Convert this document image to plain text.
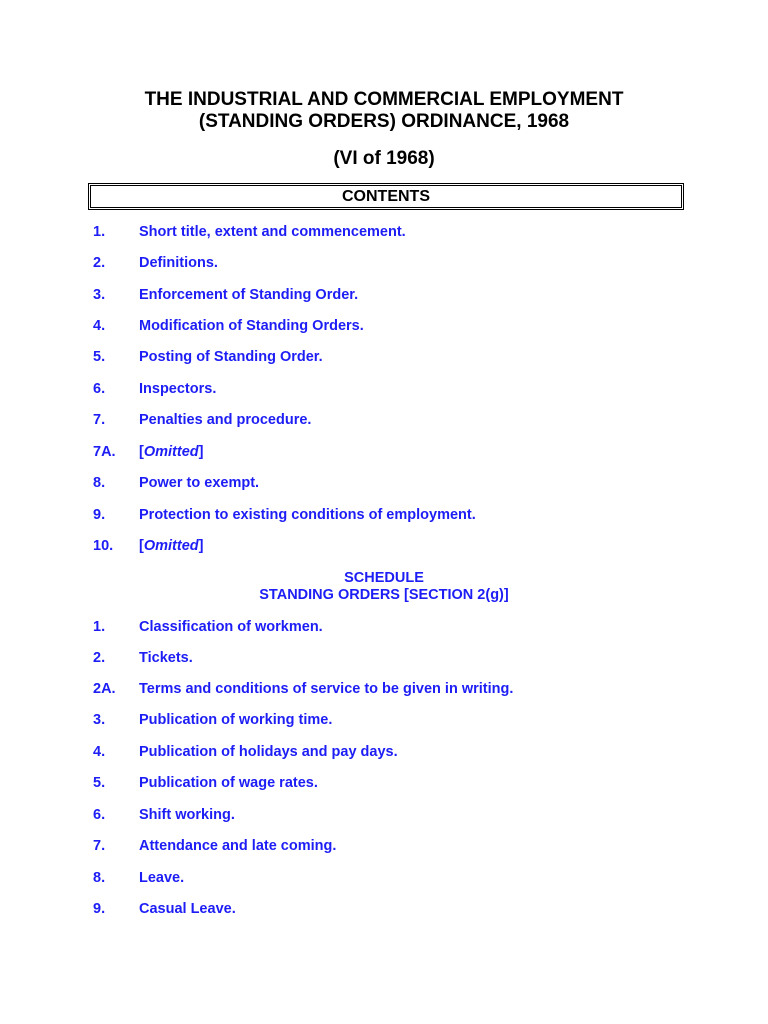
THE INDUSTRIAL AND COMMERCIAL EMPLOYMENT
(STANDING ORDERS) ORDINANCE, 1968
(VI of 1968)
CONTENTS
1. Short title, extent and commencement.
2. Definitions.
3. Enforcement of Standing Order.
4. Modification of Standing Orders.
5. Posting of Standing Order.
6. Inspectors.
7. Penalties and procedure.
7A. [Omitted]
8. Power to exempt.
9. Protection to existing conditions of employment.
10. [Omitted]
SCHEDULE
STANDING ORDERS [SECTION 2(g)]
1. Classification of workmen.
2. Tickets.
2A. Terms and conditions of service to be given in writing.
3. Publication of working time.
4. Publication of holidays and pay days.
5. Publication of wage rates.
6. Shift working.
7. Attendance and late coming.
8. Leave.
9. Casual Leave.
